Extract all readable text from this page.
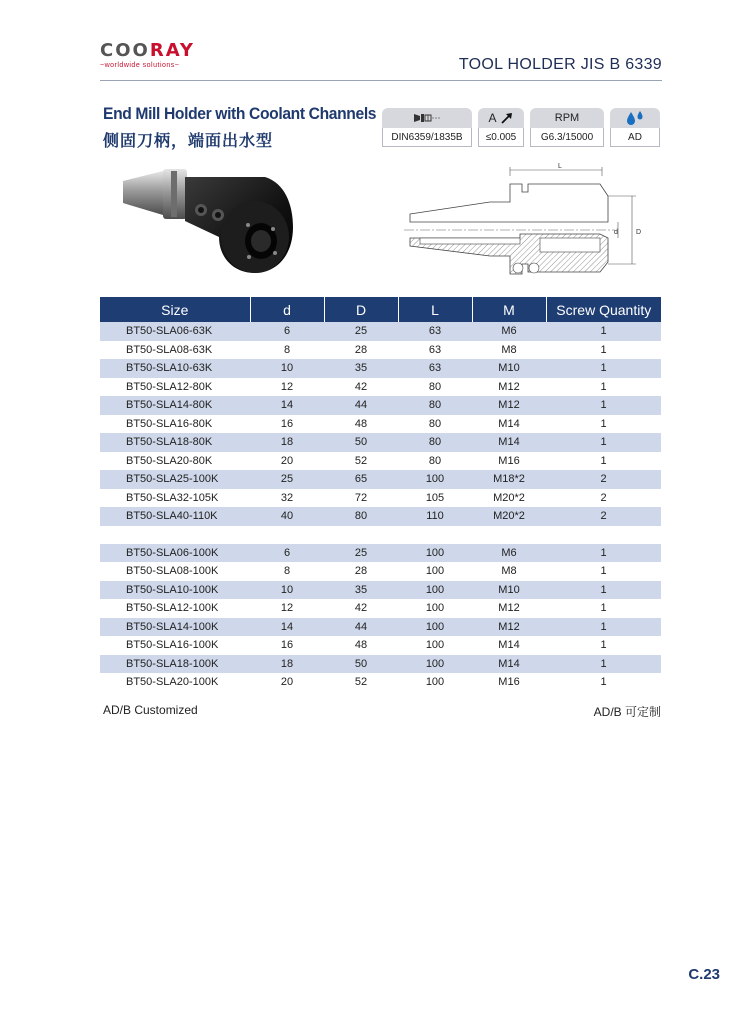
COORAY
~worldwide solutions~	TOOL HOLDER JIS B 6339
End Mill Holder with Coolant Channels
侧固刀柄，端面出水型	DIN6359/1835B
A
≤0.005
RPM
G6.3/15000	AD
L
d	D
Size	d	D	L	M	Screw Quantity
BT50-SLA06-63K	6	25	63	M6	1
BT50-SLA08-63K	8	28	63	M8	1
BT50-SLA10-63K	10	35	63	M10	1
BT50-SLA12-80K	12	42	80	M12	1
BT50-SLA14-80K	14	44	80	M12	1
BT50-SLA16-80K	16	48	80	M14	1
BT50-SLA18-80K	18	50	80	M14	1
BT50-SLA20-80K	20	52	80	M16	1
BT50-SLA25-100K	25	65	100	M18*2	2
BT50-SLA32-105K	32	72	105	M20*2	2
BT50-SLA40-110K	40	80	110	M20*2	2

BT50-SLA06-100K	6	25	100	M6	1
BT50-SLA08-100K	8	28	100	M8	1
BT50-SLA10-100K	10	35	100	M10	1
BT50-SLA12-100K	12	42	100	M12	1
BT50-SLA14-100K	14	44	100	M12	1
BT50-SLA16-100K	16	48	100	M14	1
BT50-SLA18-100K	18	50	100	M14	1
BT50-SLA20-100K	20	52	100	M16	1
AD/B Customized	AD/B 可定制
C.23
